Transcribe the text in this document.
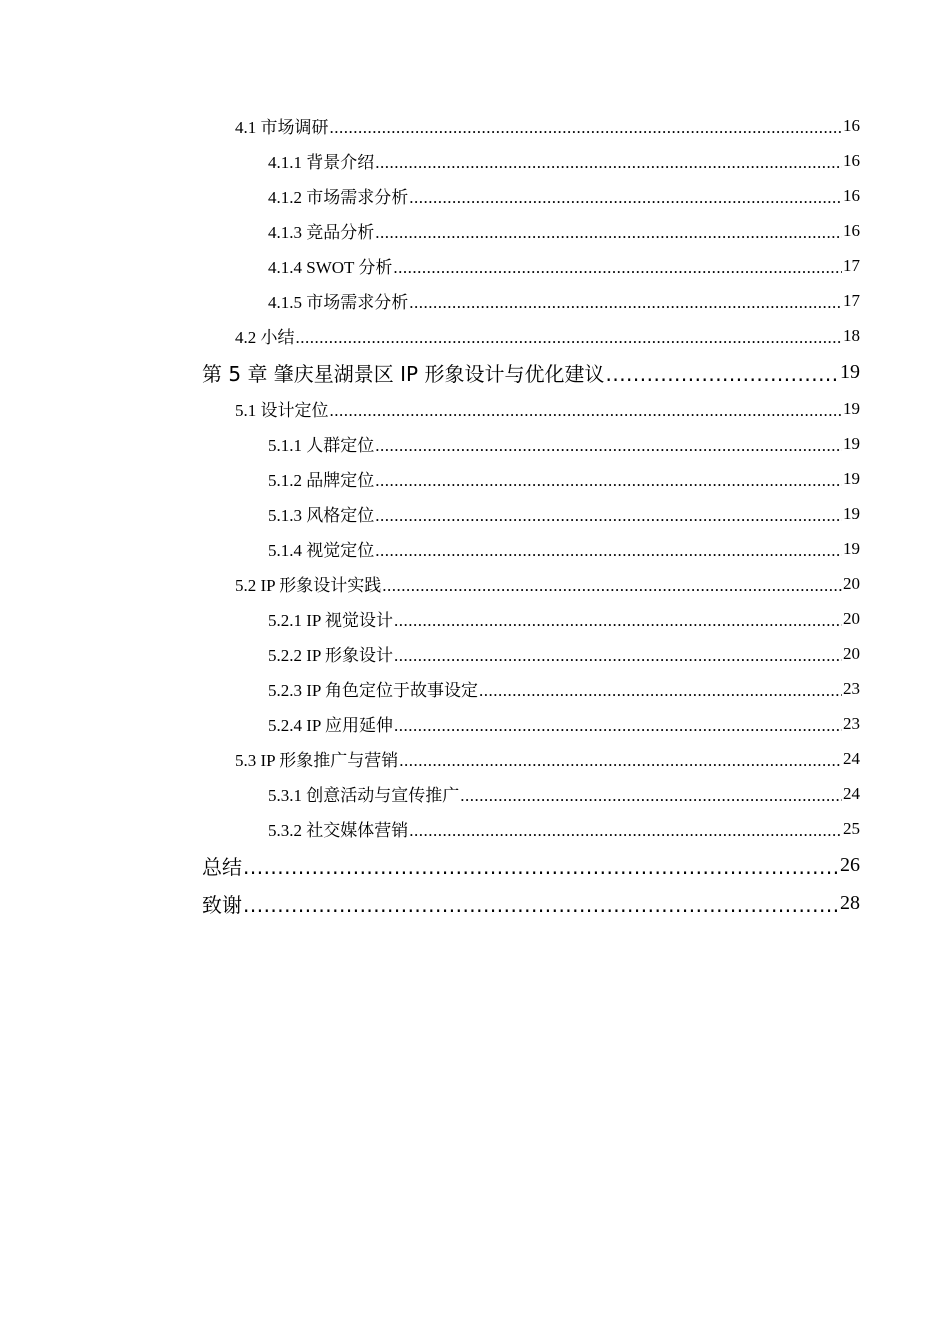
4.1 市场调研 .....	16
4.1.1 背景介绍 .....	16
4.1.2 市场需求分析 .....	16
4.1.3 竞品分析 .....	16
4.1.4 SWOT 分析 .....	17
4.1.5 市场需求分析 .....	17
4.2 小结 .....	18
第 5 章 肇庆星湖景区 IP 形象设计与优化建议 .....	19
5.1 设计定位 .....	19
5.1.1 人群定位 .....	19
5.1.2 品牌定位 .....	19
5.1.3 风格定位 .....	19
5.1.4 视觉定位 .....	19
5.2 IP 形象设计实践 .....	20
5.2.1 IP 视觉设计 .....	20
5.2.2 IP 形象设计 .....	20
5.2.3 IP 角色定位于故事设定 .....	23
5.2.4 IP 应用延伸 .....	23
5.3 IP 形象推广与营销 .....	24
5.3.1 创意活动与宣传推广 .....	24
5.3.2 社交媒体营销 .....	25
总结 .....	26
致谢 .....	28
